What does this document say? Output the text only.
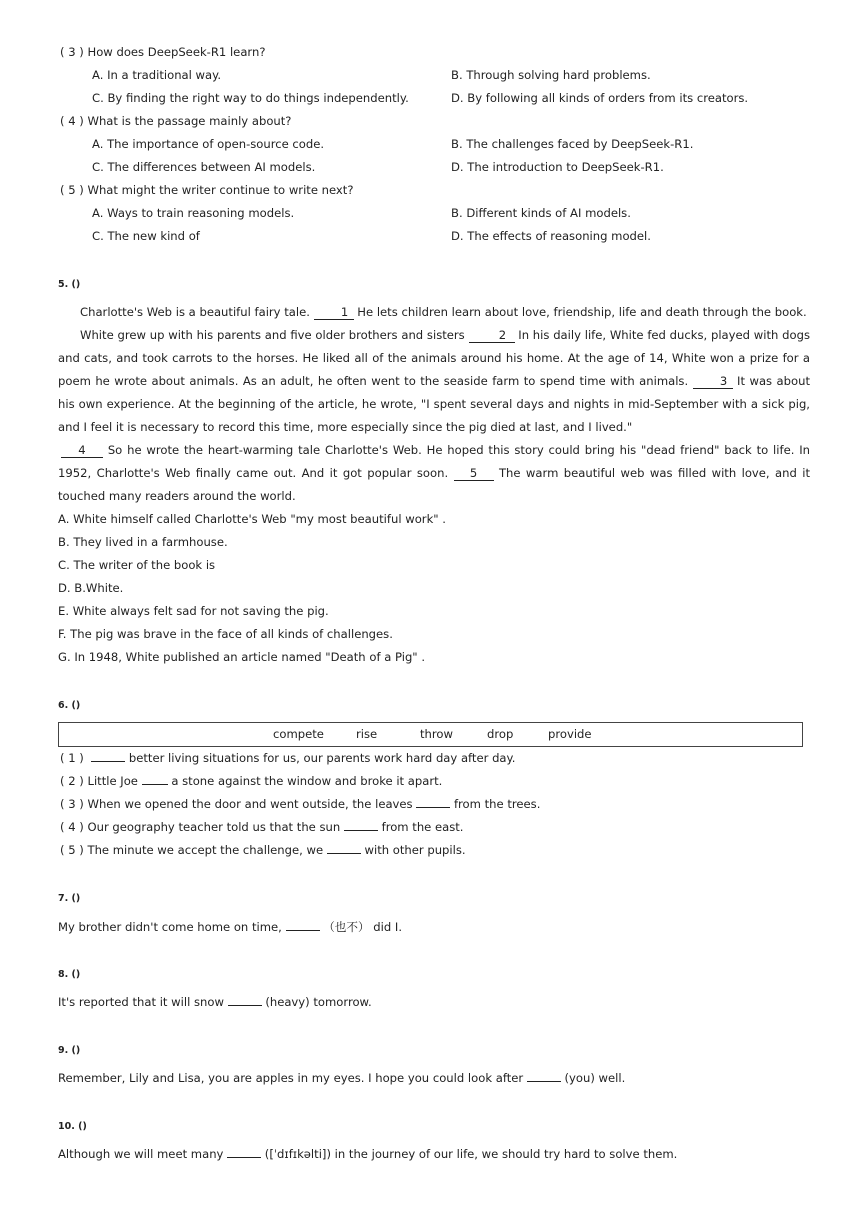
( 3 ) How does DeepSeek-R1 learn?
A. In a traditional way.	B. Through solving hard problems.
C. By finding the right way to do things independently.	D. By following all kinds of orders from its creators.
( 4 ) What is the passage mainly about?
A. The importance of open-source code.	B. The challenges faced by DeepSeek-R1.
C. The differences between AI models.	D. The introduction to DeepSeek-R1.
( 5 ) What might the writer continue to write next?
A. Ways to train reasoning models.	B. Different kinds of AI models.
C. The new kind of	D. The effects of reasoning model.
5. ()
Charlotte's Web is a beautiful fairy tale. 1 He lets children learn about love, friendship, life and death through the book.
White grew up with his parents and five older brothers and sisters	2 In his daily life, White fed ducks, played with dogs and cats, and took carrots to the horses. He liked all of the animals around his home. At the age of 14, White won a prize for a poem he wrote about animals. As an adult, he often went to the seaside farm to spend time with animals. 3 It was about his own experience. At the beginning of the article, he wrote, "I spent several days and nights in mid-September with a sick pig, and I feel it is necessary to record this time, more especially since the pig died at last, and I lived."
4 So he wrote the heart-warming tale Charlotte's Web. He hoped this story could bring his "dead friend" back to life. In 1952, Charlotte's Web finally came out. And it got popular soon. 5 The warm beautiful web was filled with love, and it touched many readers around the world.
A. White himself called Charlotte's Web "my most beautiful work" .
B. They lived in a farmhouse.
C. The writer of the book is
D. B.White.
E. White always felt sad for not saving the pig.
F. The pig was brave in the face of all kinds of challenges.
G. In 1948, White published an article named "Death of a Pig" .
6. ()
compete	rise	throw	drop	provide
( 1 )	better living situations for us, our parents work hard day after day.
( 2 ) Little Joe  a stone against the window and broke it apart.
( 3 ) When we opened the door and went outside, the leaves	from the trees.
( 4 ) Our geography teacher told us that the sun	from the east.
( 5 ) The minute we accept the challenge, we	with other pupils.
7. ()
My brother didn't come home on time,	（也不） did I.
8. ()
It's reported that it will snow	(heavy) tomorrow.
9. ()
Remember, Lily and Lisa, you are apples in my eyes. I hope you could look after	(you) well.
10. ()
Although we will meet many	([ˈdɪfɪkəlti]) in the journey of our life, we should try hard to solve them.
